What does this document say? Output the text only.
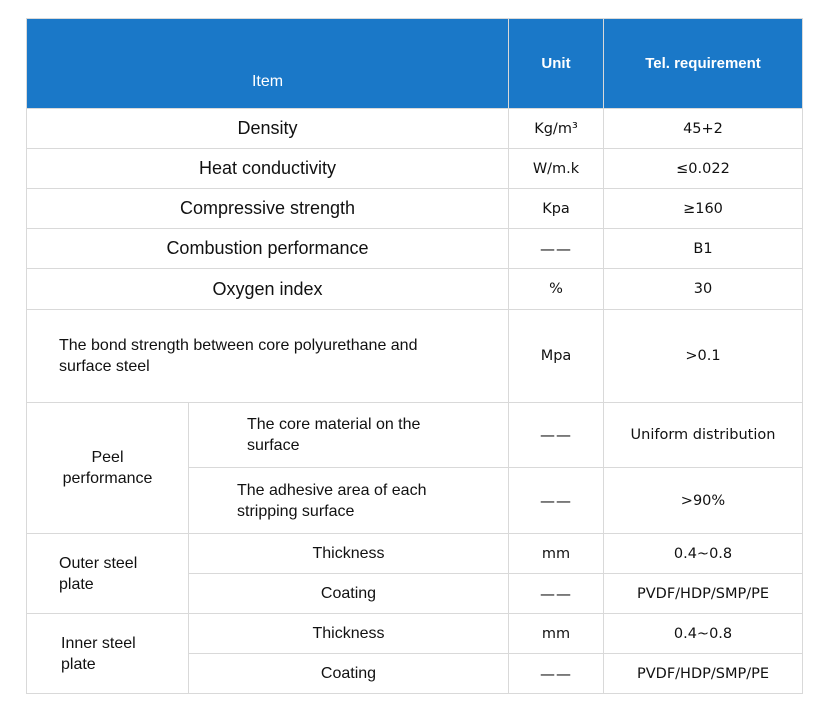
Item		Unit	Tel. requirement
Density		Kg/m³	45+2
Heat conductivity		W/m.k	≤0.022
Compressive strength		Kpa	≥160
Combustion performance		——	B1
Oxygen index		%	30
The bond strength between core polyurethane and surface steel		Mpa	>0.1
Peel performance	The core material on the surface	——	Uniform distribution
	The adhesive area of each stripping surface	——	>90%
Outer steel plate	Thickness	mm	0.4~0.8
	Coating	——	PVDF/HDP/SMP/PE
Inner steel plate	Thickness	mm	0.4~0.8
	Coating	——	PVDF/HDP/SMP/PE
